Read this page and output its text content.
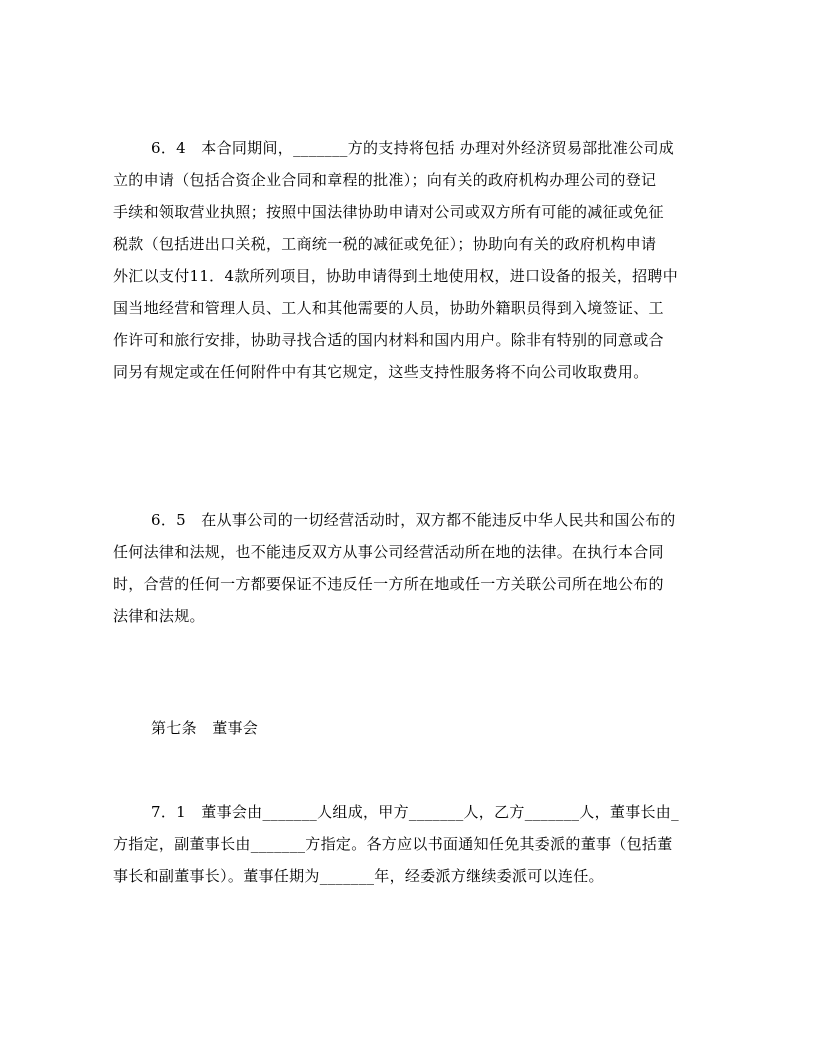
6．4　本合同期间，_______方的支持将包括 办理对外经济贸易部批准公司成
立的申请（包括合资企业合同和章程的批准）；向有关的政府机构办理公司的登记
手续和领取营业执照；按照中国法律协助申请对公司或双方所有可能的减征或免征
税款（包括进出口关税，工商统一税的减征或免征）；协助向有关的政府机构申请
外汇以支付11．4款所列项目，协助申请得到土地使用权，进口设备的报关，招聘中
国当地经营和管理人员、工人和其他需要的人员，协助外籍职员得到入境签证、工
作许可和旅行安排，协助寻找合适的国内材料和国内用户。除非有特别的同意或合
同另有规定或在任何附件中有其它规定，这些支持性服务将不向公司收取费用。
6．5　在从事公司的一切经营活动时，双方都不能违反中华人民共和国公布的
任何法律和法规，也不能违反双方从事公司经营活动所在地的法律。在执行本合同
时，合营的任何一方都要保证不违反任一方所在地或任一方关联公司所在地公布的
法律和法规。
第七条　董事会
7．1　董事会由_______人组成，甲方_______人，乙方_______人，董事长由_
方指定，副董事长由_______方指定。各方应以书面通知任免其委派的董事（包括董
事长和副董事长）。董事任期为_______年，经委派方继续委派可以连任。
